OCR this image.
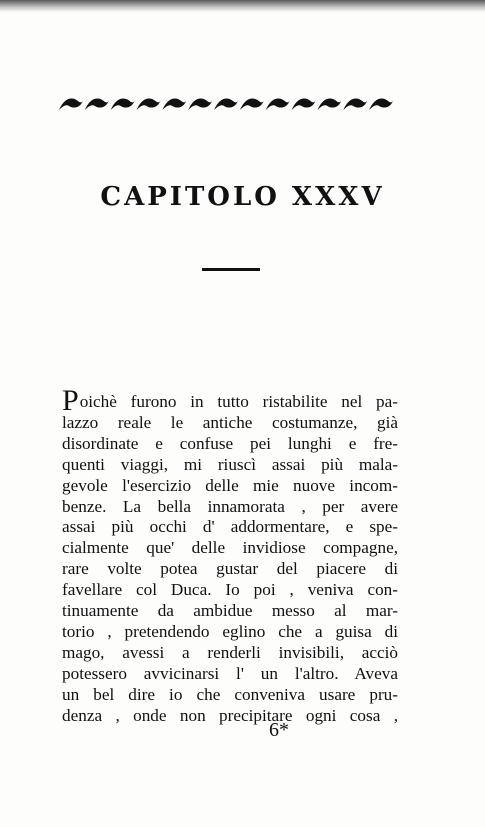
CAPITOLO XXXV
Poichè furono in tutto ristabilite nel pa-
lazzo reale le antiche costumanze, già
disordinate e confuse pei lunghi e fre-
quenti viaggi, mi riuscì assai più mala-
gevole l'esercizio delle mie nuove incom-
benze. La bella innamorata , per avere
assai più occhi d' addormentare, e spe-
cialmente que' delle invidiose compagne,
rare volte potea gustar del piacere di
favellare col Duca. Io poi , veniva con-
tinuamente da ambidue messo al mar-
torio , pretendendo eglino che a guisa di
mago, avessi a renderli invisibili, acciò
potessero avvicinarsi l' un l'altro. Aveva
un bel dire io che conveniva usare pru-
denza , onde non precipitare ogni cosa ,
6*
